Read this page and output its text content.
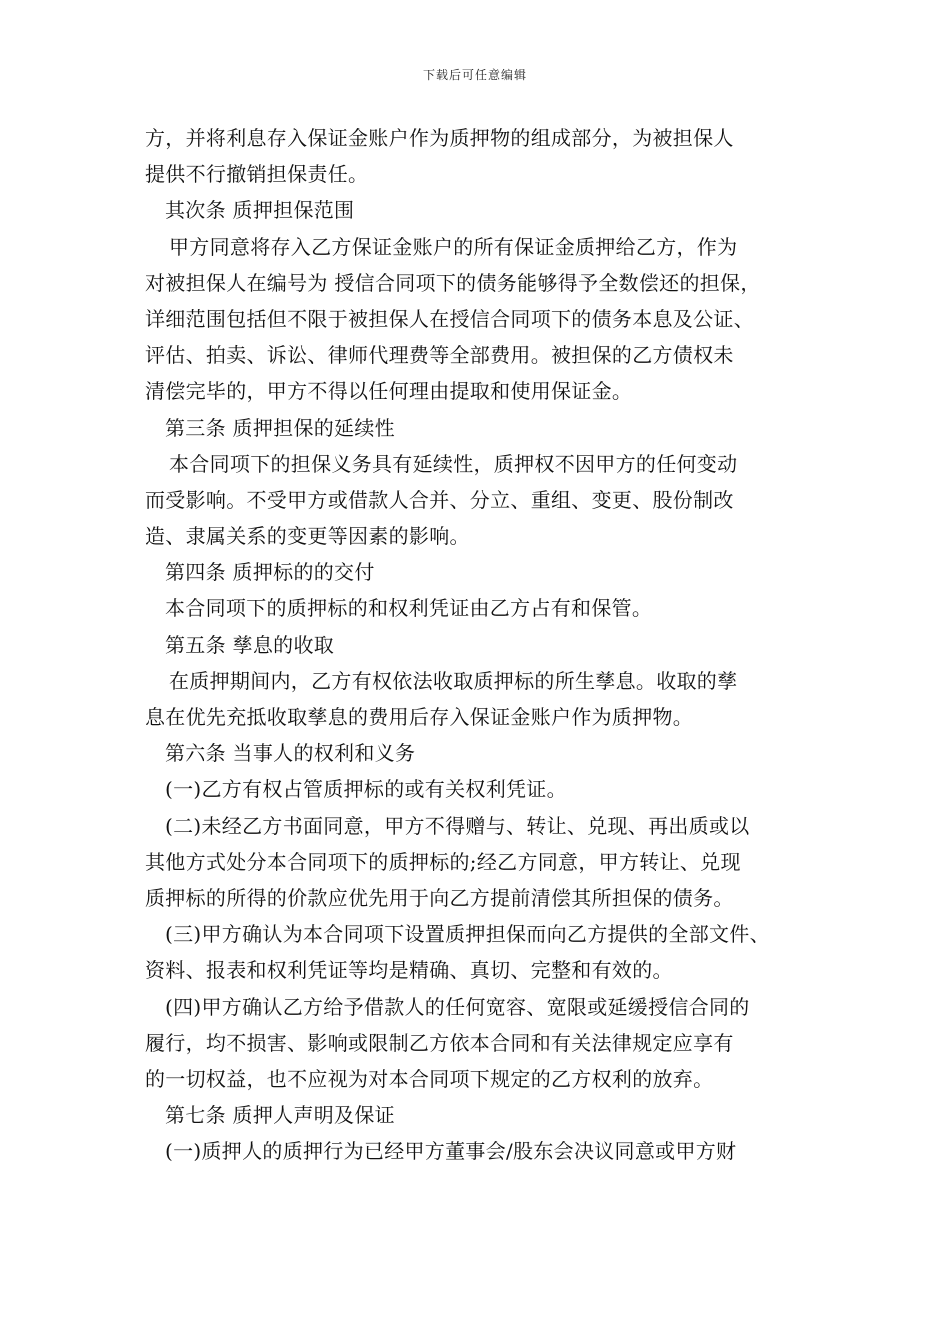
下载后可任意编辑
方，并将利息存入保证金账户作为质押物的组成部分，为被担保人
提供不行撤销担保责任。
其次条 质押担保范围
甲方同意将存入乙方保证金账户的所有保证金质押给乙方，作为
对被担保人在编号为 授信合同项下的债务能够得予全数偿还的担保，
详细范围包括但不限于被担保人在授信合同项下的债务本息及公证、
评估、拍卖、诉讼、律师代理费等全部费用。被担保的乙方债权未
清偿完毕的，甲方不得以任何理由提取和使用保证金。
第三条 质押担保的延续性
本合同项下的担保义务具有延续性，质押权不因甲方的任何变动
而受影响。不受甲方或借款人合并、分立、重组、变更、股份制改
造、隶属关系的变更等因素的影响。
第四条 质押标的的交付
本合同项下的质押标的和权利凭证由乙方占有和保管。
第五条 孳息的收取
在质押期间内，乙方有权依法收取质押标的所生孳息。收取的孳
息在优先充抵收取孳息的费用后存入保证金账户作为质押物。
第六条 当事人的权利和义务
(一)乙方有权占管质押标的或有关权利凭证。
(二)未经乙方书面同意，甲方不得赠与、转让、兑现、再出质或以
其他方式处分本合同项下的质押标的;经乙方同意，甲方转让、兑现
质押标的所得的价款应优先用于向乙方提前清偿其所担保的债务。
(三)甲方确认为本合同项下设置质押担保而向乙方提供的全部文件、
资料、报表和权利凭证等均是精确、真切、完整和有效的。
(四)甲方确认乙方给予借款人的任何宽容、宽限或延缓授信合同的
履行，均不损害、影响或限制乙方依本合同和有关法律规定应享有
的一切权益，也不应视为对本合同项下规定的乙方权利的放弃。
第七条 质押人声明及保证
(一)质押人的质押行为已经甲方董事会/股东会决议同意或甲方财
